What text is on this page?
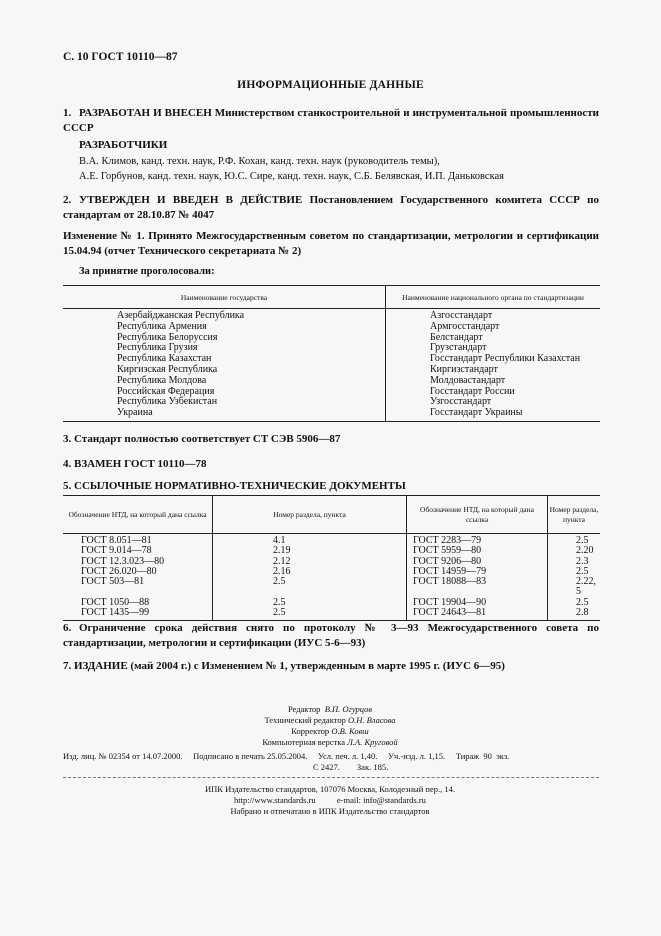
С. 10 ГОСТ 10110—87
ИНФОРМАЦИОННЫЕ ДАННЫЕ
1. РАЗРАБОТАН И ВНЕСЕН Министерством станкостроительной и инструментальной промышленности СССР
РАЗРАБОТЧИКИ
В.А. Климов, канд. техн. наук, Р.Ф. Кохан, канд. техн. наук (руководитель темы),
А.Е. Горбунов, канд. техн. наук, Ю.С. Сире, канд. техн. наук, С.Б. Белявская, И.П. Даньковская
2. УТВЕРЖДЕН И ВВЕДЕН В ДЕЙСТВИЕ Постановлением Государственного комитета СССР по стандартам от 28.10.87 № 4047
Изменение № 1. Принято Межгосударственным советом по стандартизации, метрологии и сертификации 15.04.94 (отчет Технического секретариата № 2)
За принятие проголосовали:
Наименование государства	Наименование национального органа по стандартизации
Азербайджанская Республика	Азгосстандарт
Республика Армения	Армгосстандарт
Республика Белоруссия	Белстандарт
Республика Грузия	Грузстандарт
Республика Казахстан	Госстандарт Республики Казахстан
Киргизская Республика	Киргизстандарт
Республика Молдова	Молдовастандарт
Российская Федерация	Госстандарт России
Республика Узбекистан	Узгосстандарт
Украина	Госстандарт Украины
3. Стандарт полностью соответствует СТ СЭВ 5906—87
4. ВЗАМЕН ГОСТ 10110—78
5. ССЫЛОЧНЫЕ НОРМАТИВНО-ТЕХНИЧЕСКИЕ ДОКУМЕНТЫ
Обозначение НТД, на который дана ссылка	Номер раздела, пункта	Обозначение НТД, на который дана ссылка	Номер раздела, пункта
ГОСТ 8.051—81	4.1	ГОСТ 2283—79	2.5
ГОСТ 9.014—78	2.19	ГОСТ 5959—80	2.20
ГОСТ 12.3.023—80	2.12	ГОСТ 9206—80	2.3
ГОСТ 26.020—80	2.16	ГОСТ 14959—79	2.5
ГОСТ 503—81	2.5	ГОСТ 18088—83	2.22, 5
ГОСТ 1050—88	2.5	ГОСТ 19904—90	2.5
ГОСТ 1435—99	2.5	ГОСТ 24643—81	2.8
6. Ограничение срока действия снято по протоколу № 3—93 Межгосударственного совета по стандартизации, метрологии и сертификации (ИУС 5-6—93)
7. ИЗДАНИЕ (май 2004 г.) с Изменением № 1, утвержденным в марте 1995 г. (ИУС 6—95)
Редактор В.П. Огурцов
Технический редактор О.Н. Власова
Корректор О.В. Ковш
Компьютерная верстка Л.А. Круговой
Изд. лиц. № 02354 от 14.07.2000.     Подписано в печать 25.05.2004.     Усл. печ. л. 1,40.     Уч.-изд. л. 1,15.     Тираж  90  экз.
С 2427.        Зак. 185.
ИПК Издательство стандартов, 107076 Москва, Колодезный пер., 14.
http://www.standards.ru          e-mail: info@standards.ru
Набрано и отпечатано в ИПК Издательство стандартов
